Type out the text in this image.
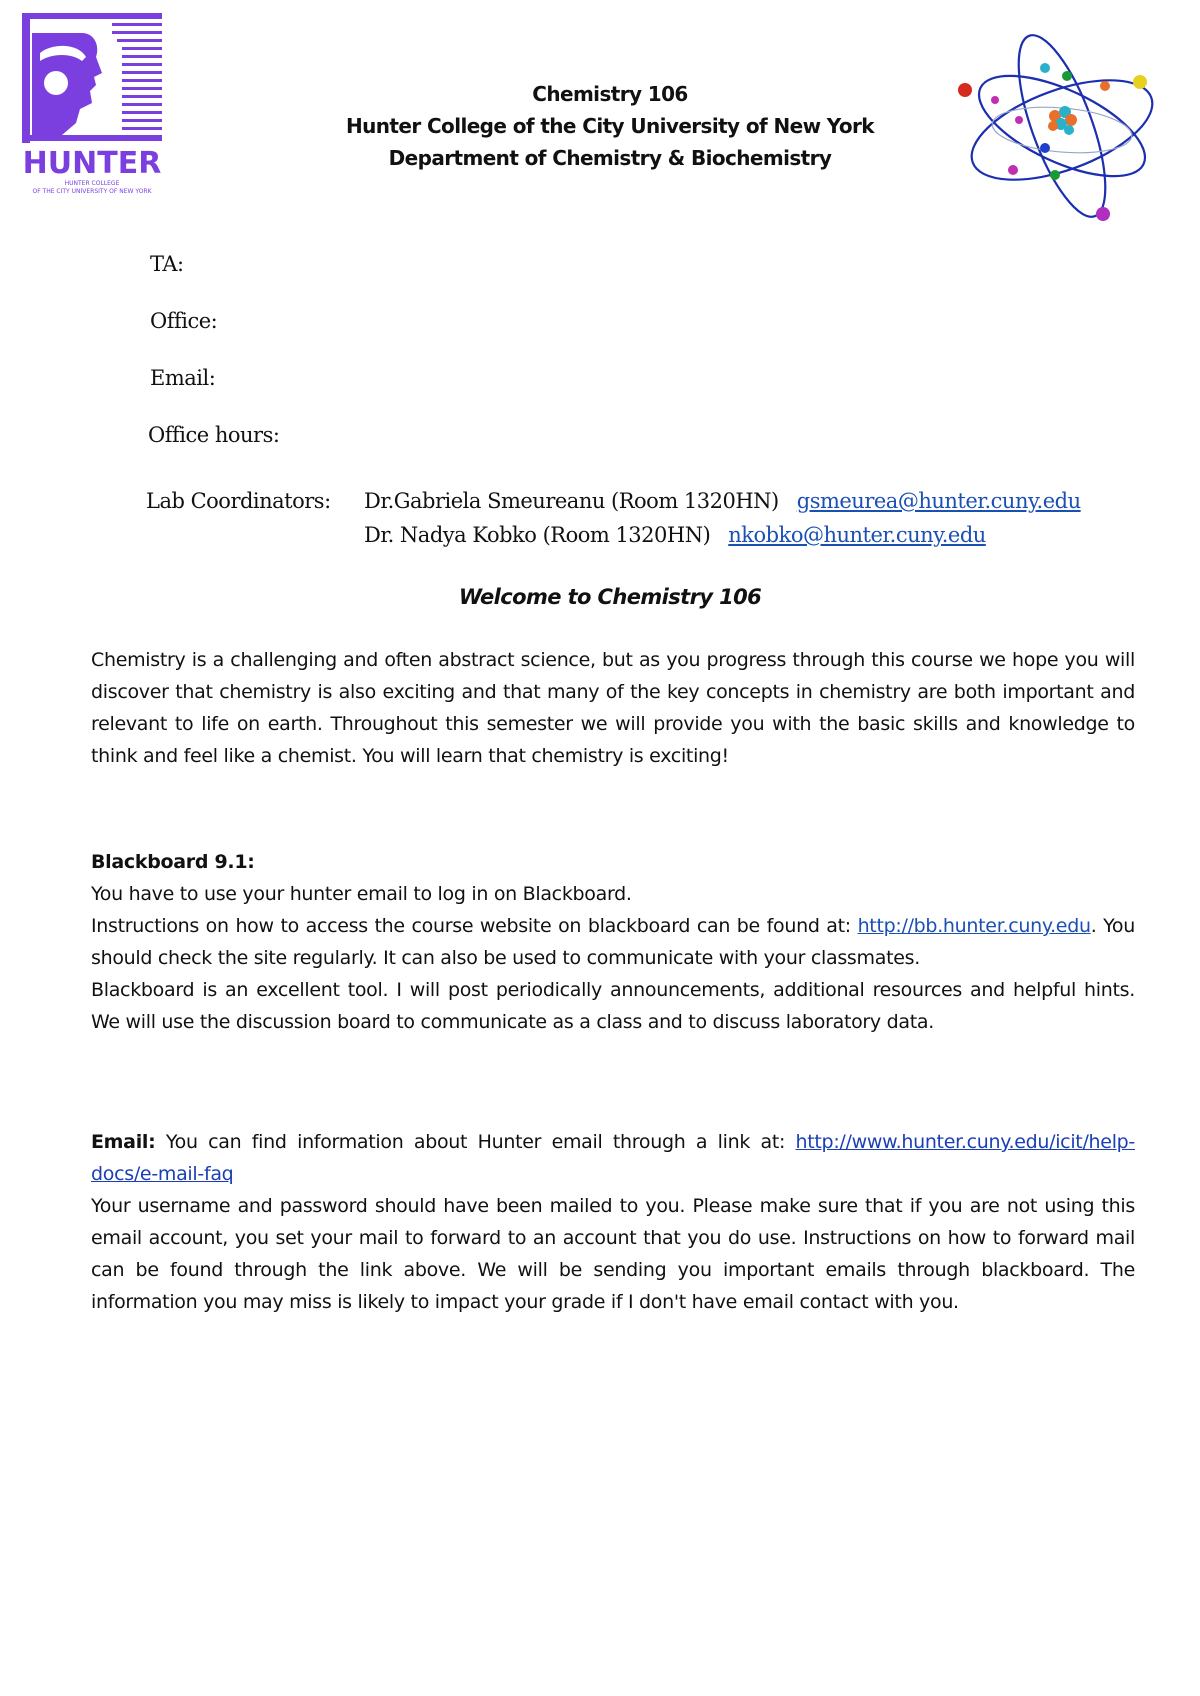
HUNTER
HUNTER COLLEGE
OF THE CITY UNIVERSITY OF NEW YORK
Chemistry 106
Hunter College of the City University of New York
Department of Chemistry & Biochemistry
TA:
Office:
Email:
Office hours:
Lab Coordinators: Dr.Gabriela Smeureanu (Room 1320HN) gsmeurea@hunter.cuny.edu
Dr. Nadya Kobko (Room 1320HN) nkobko@hunter.cuny.edu
Welcome to Chemistry 106

Chemistry is a challenging and often abstract science, but as you progress through this course we hope you will discover that chemistry is also exciting and that many of the key concepts in chemistry are both important and relevant to life on earth. Throughout this semester we will provide you with the basic skills and knowledge to think and feel like a chemist. You will learn that chemistry is exciting!

Blackboard 9.1:

You have to use your hunter email to log in on Blackboard.

Instructions on how to access the course website on blackboard can be found at: http://bb.hunter.cuny.edu. You should check the site regularly. It can also be used to communicate with your classmates.

Blackboard is an excellent tool. I will post periodically announcements, additional resources and helpful hints. We will use the discussion board to communicate as a class and to discuss laboratory data.

Email: You can find information about Hunter email through a link at: http://www.hunter.cuny.edu/icit/help-docs/e-mail-faq

Your username and password should have been mailed to you. Please make sure that if you are not using this email account, you set your mail to forward to an account that you do use. Instructions on how to forward mail can be found through the link above. We will be sending you important emails through blackboard. The information you may miss is likely to impact your grade if I don't have email contact with you.
